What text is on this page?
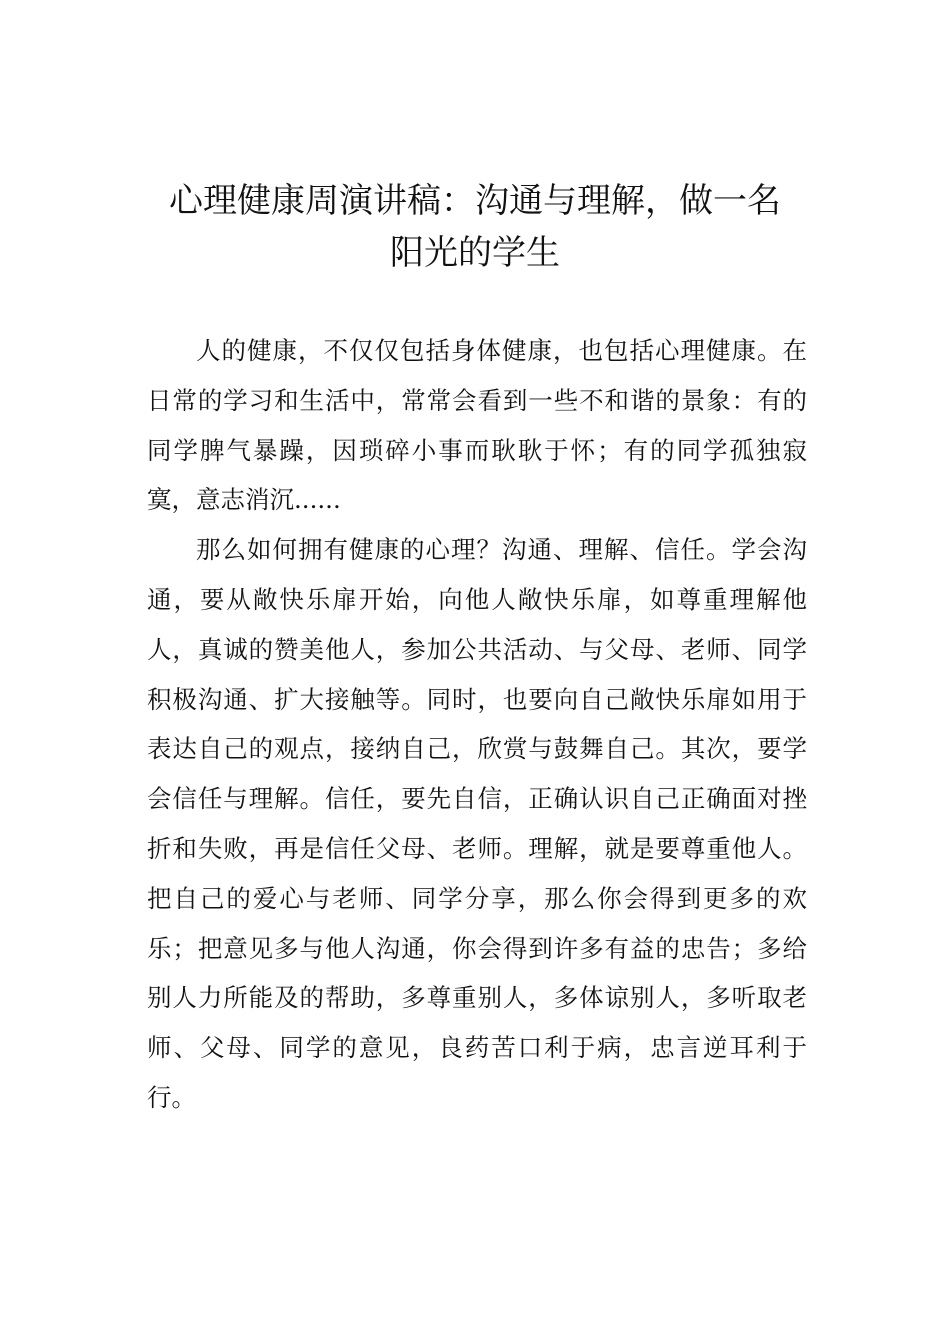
心理健康周演讲稿：沟通与理解，做一名
阳光的学生

人的健康，不仅仅包括身体健康，也包括心理健康。在日常的学习和生活中，常常会看到一些不和谐的景象：有的同学脾气暴躁，因琐碎小事而耿耿于怀；有的同学孤独寂寞，意志消沉......

那么如何拥有健康的心理？沟通、理解、信任。学会沟通，要从敞快乐扉开始，向他人敞快乐扉，如尊重理解他人，真诚的赞美他人，参加公共活动、与父母、老师、同学积极沟通、扩大接触等。同时，也要向自己敞快乐扉如用于表达自己的观点，接纳自己，欣赏与鼓舞自己。其次，要学会信任与理解。信任，要先自信，正确认识自己正确面对挫折和失败，再是信任父母、老师。理解，就是要尊重他人。把自己的爱心与老师、同学分享，那么你会得到更多的欢乐；把意见多与他人沟通，你会得到许多有益的忠告；多给别人力所能及的帮助，多尊重别人，多体谅别人，多听取老师、父母、同学的意见，良药苦口利于病，忠言逆耳利于行。
